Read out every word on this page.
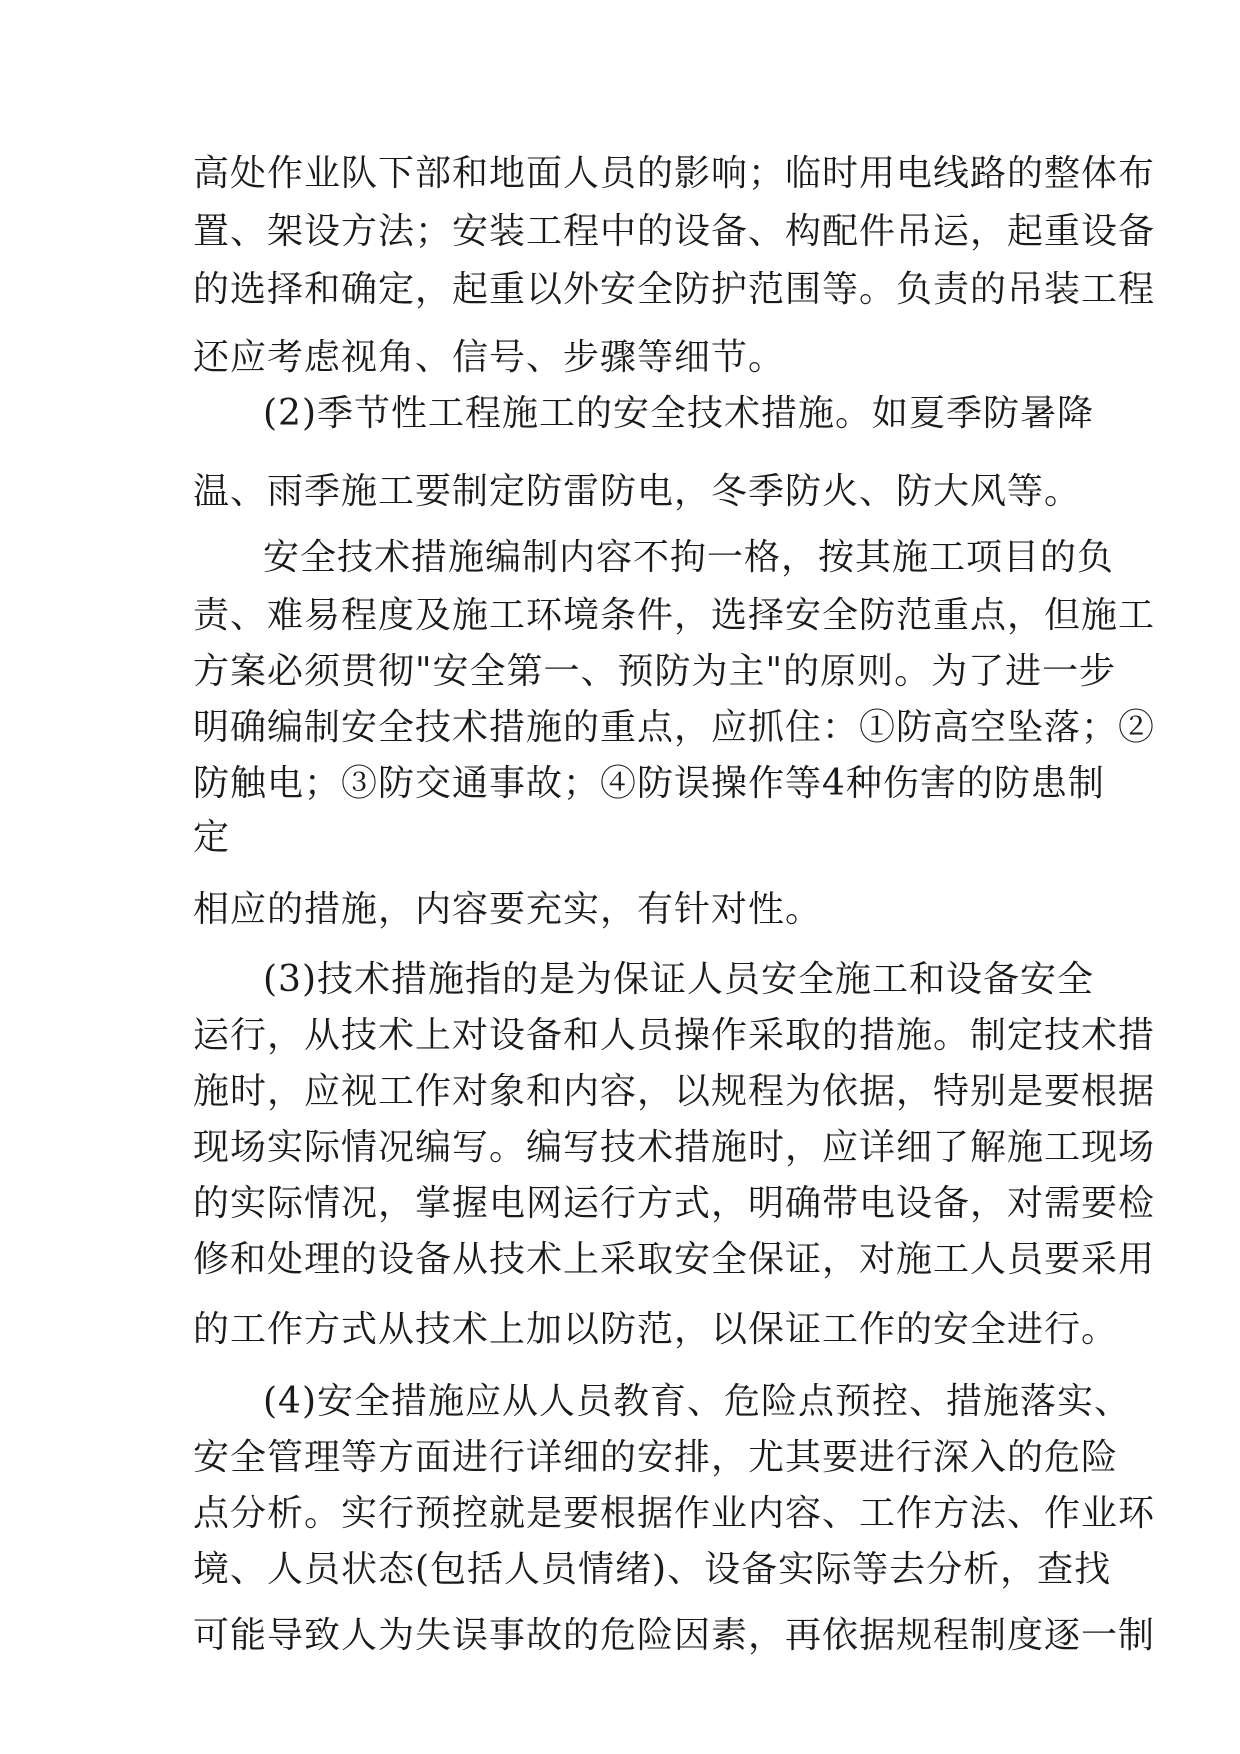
高处作业队下部和地面人员的影响；临时用电线路的整体布
置、架设方法；安装工程中的设备、构配件吊运，起重设备
的选择和确定，起重以外安全防护范围等。负责的吊装工程
还应考虑视角、信号、步骤等细节。
(2)季节性工程施工的安全技术措施。如夏季防暑降
温、雨季施工要制定防雷防电，冬季防火、防大风等。
安全技术措施编制内容不拘一格，按其施工项目的负
责、难易程度及施工环境条件，选择安全防范重点，但施工
方案必须贯彻"安全第一、预防为主"的原则。为了进一步
明确编制安全技术措施的重点，应抓住：①防高空坠落；②
防触电；③防交通事故；④防误操作等4种伤害的防患制
定
相应的措施，内容要充实，有针对性。
(3)技术措施指的是为保证人员安全施工和设备安全
运行，从技术上对设备和人员操作采取的措施。制定技术措
施时，应视工作对象和内容，以规程为依据，特别是要根据
现场实际情况编写。编写技术措施时，应详细了解施工现场
的实际情况，掌握电网运行方式，明确带电设备，对需要检
修和处理的设备从技术上采取安全保证，对施工人员要采用
的工作方式从技术上加以防范，以保证工作的安全进行。
(4)安全措施应从人员教育、危险点预控、措施落实、
安全管理等方面进行详细的安排，尤其要进行深入的危险
点分析。实行预控就是要根据作业内容、工作方法、作业环
境、人员状态(包括人员情绪)、设备实际等去分析，查找
可能导致人为失误事故的危险因素，再依据规程制度逐一制
